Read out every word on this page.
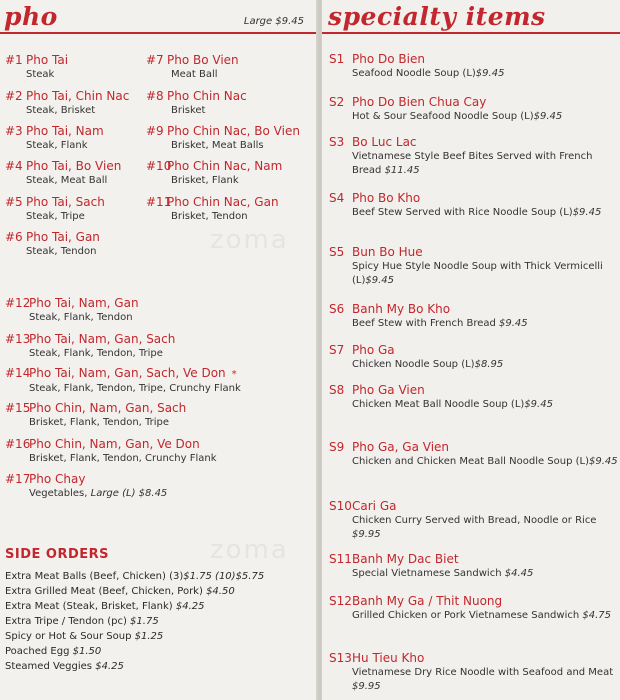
pho	Large $9.45
#1 Pho Tai
Steak
#2 Pho Tai, Chin Nac
Steak, Brisket
#3 Pho Tai, Nam
Steak, Flank
#4 Pho Tai, Bo Vien
Steak, Meat Ball
#5 Pho Tai, Sach
Steak, Tripe
#6 Pho Tai, Gan
Steak, Tendon
#7 Pho Bo Vien
Meat Ball
#8 Pho Chin Nac
Brisket
#9 Pho Chin Nac, Bo Vien
Brisket, Meat Balls
#10Pho Chin Nac, Nam
Brisket, Flank
#11Pho Chin Nac, Gan
Brisket, Tendon
zoma
#12Pho Tai, Nam, Gan
Steak, Flank, Tendon
#13Pho Tai, Nam, Gan, Sach
Steak, Flank, Tendon, Tripe
#14Pho Tai, Nam, Gan, Sach, Ve Don *
Steak, Flank, Tendon, Tripe, Crunchy Flank
#15Pho Chin, Nam, Gan, Sach
Brisket, Flank, Tendon, Tripe
#16Pho Chin, Nam, Gan, Ve Don
Brisket, Flank, Tendon, Crunchy Flank
#17Pho Chay
Vegetables, Large (L) $8.45
zoma
SIDE ORDERS
Extra Meat Balls (Beef, Chicken) (3)$1.75 (10)$5.75
Extra Grilled Meat (Beef, Chicken, Pork) $4.50
Extra Meat (Steak, Brisket, Flank) $4.25
Extra Tripe / Tendon (pc) $1.75
Spicy or Hot & Sour Soup $1.25
Poached Egg $1.50
Steamed Veggies $4.25
specialty items
S1 Pho Do Bien
Seafood Noodle Soup (L)$9.45
S2 Pho Do Bien Chua Cay
Hot & Sour Seafood Noodle Soup (L)$9.45
S3 Bo Luc Lac
Vietnamese Style Beef Bites Served with French Bread $11.45
S4 Pho Bo Kho
Beef Stew Served with Rice Noodle Soup (L)$9.45
S5 Bun Bo Hue
Spicy Hue Style Noodle Soup with Thick Vermicelli (L)$9.45
S6 Banh My Bo Kho
Beef Stew with French Bread $9.45
S7 Pho Ga
Chicken Noodle Soup (L)$8.95
S8 Pho Ga Vien
Chicken Meat Ball Noodle Soup (L)$9.45
S9 Pho Ga, Ga Vien
Chicken and Chicken Meat Ball Noodle Soup (L)$9.45
S10 Cari Ga
Chicken Curry Served with Bread, Noodle or Rice $9.95
S11 Banh My Dac Biet
Special Vietnamese Sandwich $4.45
S12 Banh My Ga / Thit Nuong
Grilled Chicken or Pork Vietnamese Sandwich $4.75
S13 Hu Tieu Kho
Vietnamese Dry Rice Noodle with Seafood and Meat $9.95
